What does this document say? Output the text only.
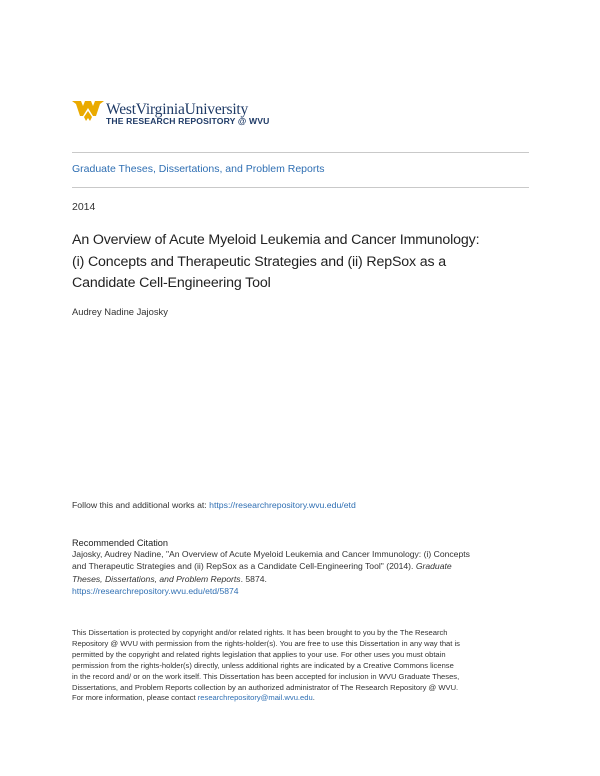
WestVirginiaUniversity
THE RESEARCH REPOSITORY @ WVU
Graduate Theses, Dissertations, and Problem Reports
2014
An Overview of Acute Myeloid Leukemia and Cancer Immunology:
(i) Concepts and Therapeutic Strategies and (ii) RepSox as a
Candidate Cell-Engineering Tool
Audrey Nadine Jajosky
Follow this and additional works at: https://researchrepository.wvu.edu/etd
Recommended Citation
Jajosky, Audrey Nadine, "An Overview of Acute Myeloid Leukemia and Cancer Immunology: (i) Concepts
and Therapeutic Strategies and (ii) RepSox as a Candidate Cell-Engineering Tool" (2014). Graduate
Theses, Dissertations, and Problem Reports. 5874.
https://researchrepository.wvu.edu/etd/5874
This Dissertation is protected by copyright and/or related rights. It has been brought to you by the The Research
Repository @ WVU with permission from the rights-holder(s). You are free to use this Dissertation in any way that is
permitted by the copyright and related rights legislation that applies to your use. For other uses you must obtain
permission from the rights-holder(s) directly, unless additional rights are indicated by a Creative Commons license
in the record and/ or on the work itself. This Dissertation has been accepted for inclusion in WVU Graduate Theses,
Dissertations, and Problem Reports collection by an authorized administrator of The Research Repository @ WVU.
For more information, please contact researchrepository@mail.wvu.edu.
